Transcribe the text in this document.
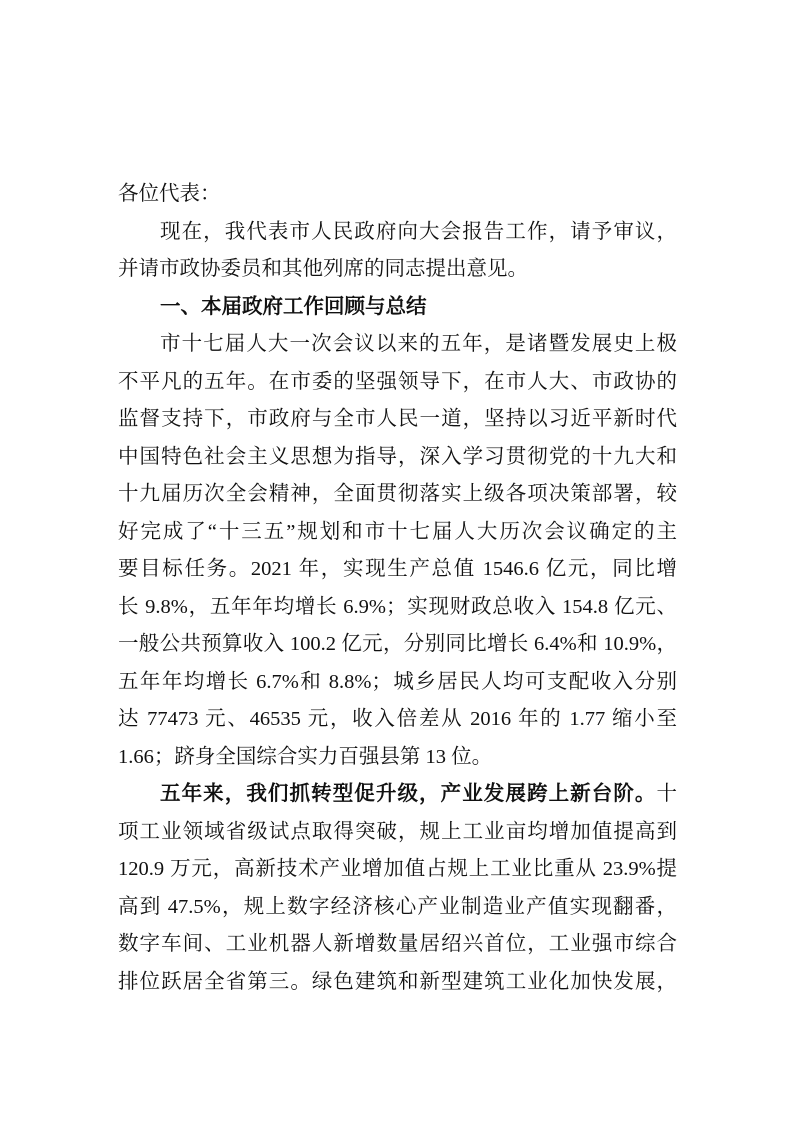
各位代表：
现在，我代表市人民政府向大会报告工作，请予审议，
并请市政协委员和其他列席的同志提出意见。
一、本届政府工作回顾与总结
市十七届人大一次会议以来的五年，是诸暨发展史上极
不平凡的五年。在市委的坚强领导下，在市人大、市政协的
监督支持下，市政府与全市人民一道，坚持以习近平新时代
中国特色社会主义思想为指导，深入学习贯彻党的十九大和
十九届历次全会精神，全面贯彻落实上级各项决策部署，较
好完成了“十三五”规划和市十七届人大历次会议确定的主
要目标任务。2021 年，实现生产总值 1546.6 亿元，同比增
长 9.8%，五年年均增长 6.9%；实现财政总收入 154.8 亿元、
一般公共预算收入 100.2 亿元，分别同比增长 6.4%和 10.9%，
五年年均增长 6.7%和 8.8%；城乡居民人均可支配收入分别
达 77473 元、46535 元，收入倍差从 2016 年的 1.77 缩小至
1.66；跻身全国综合实力百强县第 13 位。
五年来，我们抓转型促升级，产业发展跨上新台阶。十
项工业领域省级试点取得突破，规上工业亩均增加值提高到
120.9 万元，高新技术产业增加值占规上工业比重从 23.9%提
高到 47.5%，规上数字经济核心产业制造业产值实现翻番，
数字车间、工业机器人新增数量居绍兴首位，工业强市综合
排位跃居全省第三。绿色建筑和新型建筑工业化加快发展，
